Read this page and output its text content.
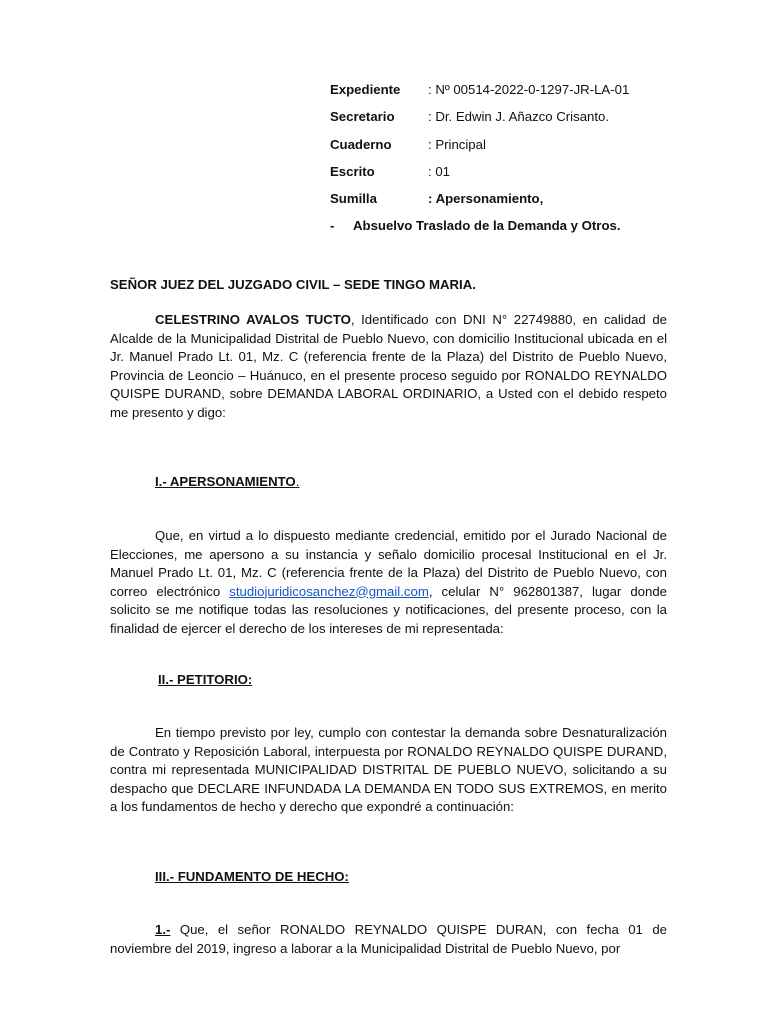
Expediente	: Nº 00514-2022-0-1297-JR-LA-01
Secretario	: Dr. Edwin J. Añazco Crisanto.
Cuaderno	: Principal
Escrito	: 01
Sumilla	: Apersonamiento,
-	Absuelvo Traslado de la Demanda y Otros.
SEÑOR JUEZ DEL JUZGADO CIVIL – SEDE TINGO MARIA.

CELESTRINO AVALOS TUCTO, Identificado con DNI N° 22749880, en calidad de Alcalde de la Municipalidad Distrital de Pueblo Nuevo, con domicilio Institucional ubicada en el Jr. Manuel Prado Lt. 01, Mz. C (referencia frente de la Plaza) del Distrito de Pueblo Nuevo, Provincia de Leoncio – Huánuco, en el presente proceso seguido por RONALDO REYNALDO QUISPE DURAND, sobre DEMANDA LABORAL ORDINARIO, a Usted con el debido respeto me presento y digo:

I.- APERSONAMIENTO.

Que, en virtud a lo dispuesto mediante credencial, emitido por el Jurado Nacional de Elecciones, me apersono a su instancia y señalo domicilio procesal Institucional en el Jr. Manuel Prado Lt. 01, Mz. C (referencia frente de la Plaza) del Distrito de Pueblo Nuevo, con correo electrónico studiojuridicosanchez@gmail.com, celular N° 962801387, lugar donde solicito se me notifique todas las resoluciones y notificaciones, del presente proceso, con la finalidad de ejercer el derecho de los intereses de mi representada:

II.- PETITORIO:

En tiempo previsto por ley, cumplo con contestar la demanda sobre Desnaturalización de Contrato y Reposición Laboral, interpuesta por RONALDO REYNALDO QUISPE DURAND, contra mi representada MUNICIPALIDAD DISTRITAL DE PUEBLO NUEVO, solicitando a su despacho que DECLARE INFUNDADA LA DEMANDA EN TODO SUS EXTREMOS, en merito a los fundamentos de hecho y derecho que expondré a continuación:

III.- FUNDAMENTO DE HECHO:

1.- Que, el señor RONALDO REYNALDO QUISPE DURAN, con fecha 01 de noviembre del 2019, ingreso a laborar a la Municipalidad Distrital de Pueblo Nuevo, por
